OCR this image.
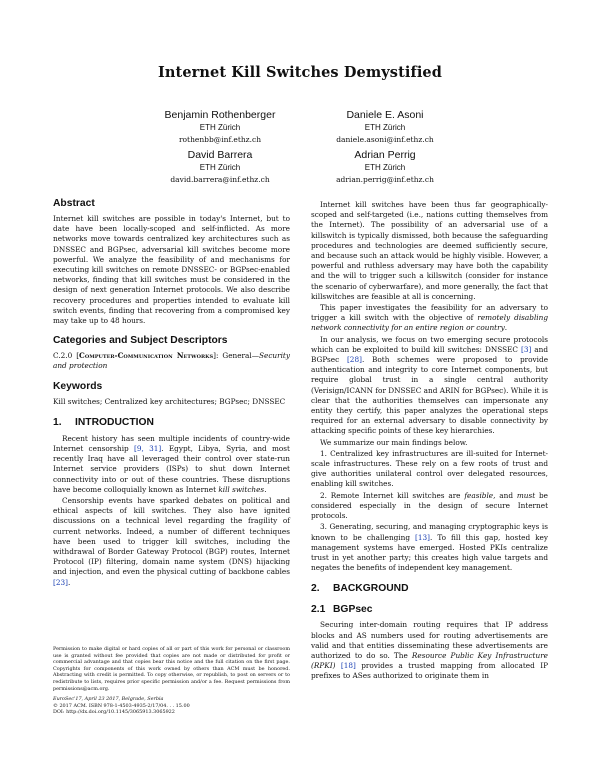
Internet Kill Switches Demystified
Benjamin Rothenberger
ETH Zürich
rothenbb@inf.ethz.ch
Daniele E. Asoni
ETH Zürich
daniele.asoni@inf.ethz.ch
David Barrera
ETH Zürich
david.barrera@inf.ethz.ch
Adrian Perrig
ETH Zürich
adrian.perrig@inf.ethz.ch
Abstract

Internet kill switches are possible in today's Internet, but to date have been locally-scoped and self-inflicted. As more networks move towards centralized key architectures such as DNSSEC and BGPsec, adversarial kill switches become more powerful. We analyze the feasibility of and mechanisms for executing kill switches on remote DNSSEC- or BGPsec-enabled networks, finding that kill switches must be considered in the design of next generation Internet protocols. We also describe recovery procedures and properties intended to evaluate kill switch events, finding that recovering from a compromised key may take up to 48 hours.

Categories and Subject Descriptors

C.2.0 [Computer-Communication Networks]: General—Security and protection

Keywords

Kill switches; Centralized key architectures; BGPsec; DNSSEC

1. INTRODUCTION

Recent history has seen multiple incidents of country-wide Internet censorship [9, 31]. Egypt, Libya, Syria, and most recently Iraq have all leveraged their control over state-run Internet service providers (ISPs) to shut down Internet connectivity into or out of these countries. These disruptions have become colloquially known as Internet kill switches.

Censorship events have sparked debates on political and ethical aspects of kill switches. They also have ignited discussions on a technical level regarding the fragility of current networks. Indeed, a number of different techniques have been used to trigger kill switches, including the withdrawal of Border Gateway Protocol (BGP) routes, Internet Protocol (IP) filtering, domain name system (DNS) hijacking and injection, and even the physical cutting of backbone cables [23].

Permission to make digital or hard copies of all or part of this work for personal or classroom use is granted without fee provided that copies are not made or distributed for profit or commercial advantage and that copies bear this notice and the full citation on the first page. Copyrights for components of this work owned by others than ACM must be honored. Abstracting with credit is permitted. To copy otherwise, or republish, to post on servers or to redistribute to lists, requires prior specific permission and/or a fee. Request permissions from permissions@acm.org.
EuroSec'17, April 23 2017, Belgrade, Serbia
© 2017 ACM. ISBN 978-1-4503-4935-2/17/04. . . 15.00
DOI: http://dx.doi.org/10.1145/3065913.3065922

Internet kill switches have been thus far geographically-scoped and self-targeted (i.e., nations cutting themselves from the Internet). The possibility of an adversarial use of a killswitch is typically dismissed, both because the safeguarding procedures and technologies are deemed sufficiently secure, and because such an attack would be highly visible. However, a powerful and ruthless adversary may have both the capability and the will to trigger such a killswitch (consider for instance the scenario of cyberwarfare), and more generally, the fact that killswitches are feasible at all is concerning.

This paper investigates the feasibility for an adversary to trigger a kill switch with the objective of remotely disabling network connectivity for an entire region or country.

In our analysis, we focus on two emerging secure protocols which can be exploited to build kill switches: DNSSEC [3] and BGPsec [28]. Both schemes were proposed to provide authentication and integrity to core Internet components, but require global trust in a single central authority (Verisign/ICANN for DNSSEC and ARIN for BGPsec). While it is clear that the authorities themselves can impersonate any entity they certify, this paper analyzes the operational steps required for an external adversary to disable connectivity by attacking specific points of these key hierarchies.

We summarize our main findings below.

1. Centralized key infrastructures are ill-suited for Internet-scale infrastructures. These rely on a few roots of trust and give authorities unilateral control over delegated resources, enabling kill switches.

2. Remote Internet kill switches are feasible, and must be considered especially in the design of secure Internet protocols.

3. Generating, securing, and managing cryptographic keys is known to be challenging [13]. To fill this gap, hosted key management systems have emerged. Hosted PKIs centralize trust in yet another party; this creates high value targets and negates the benefits of independent key management.

2. BACKGROUND
2.1 BGPsec

Securing inter-domain routing requires that IP address blocks and AS numbers used for routing advertisements are valid and that entities disseminating these advertisements are authorized to do so. The Resource Public Key Infrastructure (RPKI) [18] provides a trusted mapping from allocated IP prefixes to ASes authorized to originate them in
